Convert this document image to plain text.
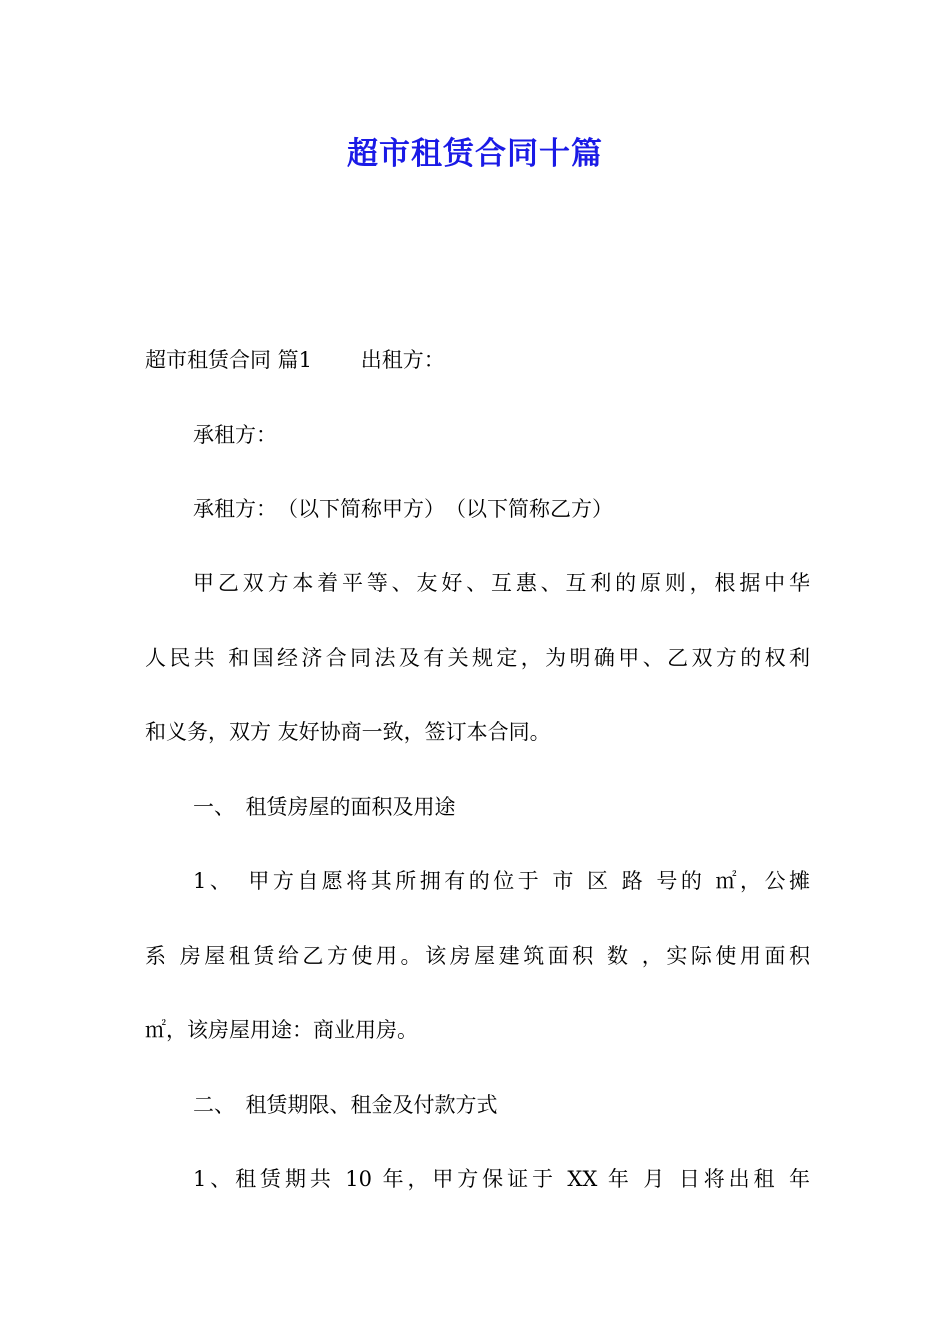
超市租赁合同十篇

超市租赁合同 篇1　　 出租方：

承租方：

承租方：　（以下简称甲方）　（以下简称乙方）

甲乙双方本着平等、友好、互惠、互利的原则，根据中华

人民共 和国经济合同法及有关规定，为明确甲、乙双方的权利

和义务，双方 友好协商一致，签订本合同。

一、　租赁房屋的面积及用途

1、　甲方自愿将其所拥有的位于 市 区 路 号的 ㎡，公摊

系 房屋租赁给乙方使用。该房屋建筑面积 数 ，实际使用面积

㎡，该房屋用途：商业用房。

二、　租赁期限、租金及付款方式

1、租赁期共 10 年，甲方保证于 XX 年 月 日将出租 年
